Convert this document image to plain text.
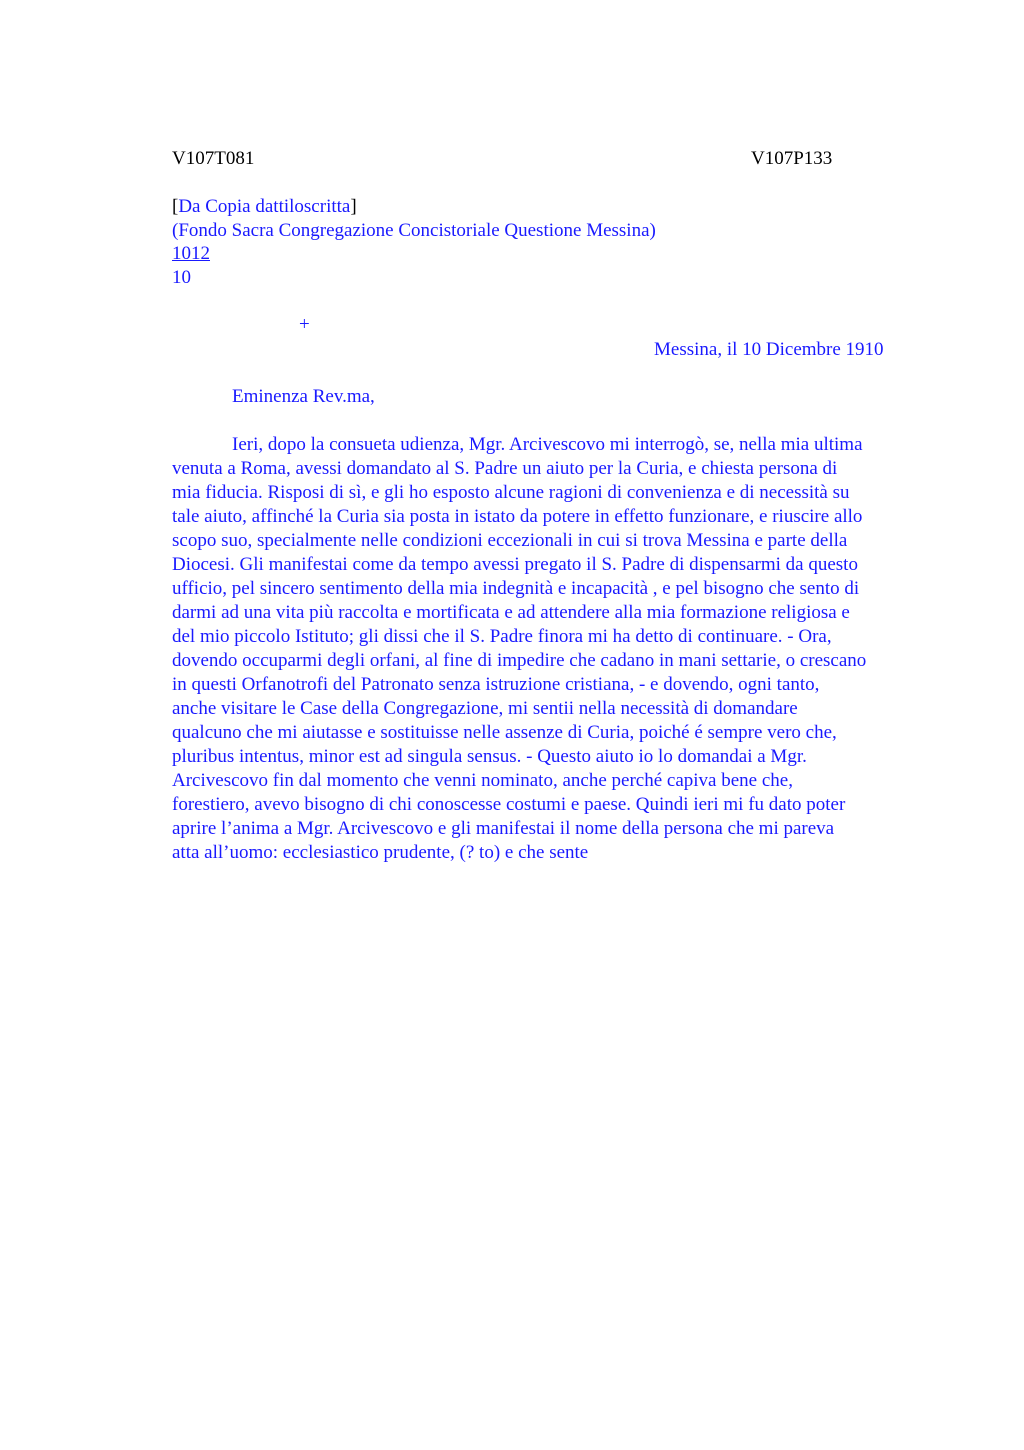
V107T081	V107P133
[Da Copia dattiloscritta]
(Fondo Sacra Congregazione Concistoriale Questione Messina)
1012
10
+
Messina, il 10 Dicembre 1910
Eminenza Rev.ma,
Ieri, dopo la consueta udienza, Mgr. Arcivescovo mi interrogò, se, nella mia ultima
venuta a Roma, avessi domandato al S. Padre un aiuto per la Curia, e chiesta persona di
mia fiducia. Risposi di sì, e gli ho esposto alcune ragioni di convenienza e di necessità su
tale aiuto, affinché la Curia sia posta in istato da potere in effetto funzionare, e riuscire allo
scopo suo, specialmente nelle condizioni eccezionali in cui si trova Messina e parte della
Diocesi. Gli manifestai come da tempo avessi pregato il S. Padre di dispensarmi da questo
ufficio, pel sincero sentimento della mia indegnità e incapacità , e pel bisogno che sento di
darmi ad una vita più raccolta e mortificata e ad attendere alla mia formazione religiosa e
del mio piccolo Istituto; gli dissi che il S. Padre finora mi ha detto di continuare. - Ora,
dovendo occuparmi degli orfani, al fine di impedire che cadano in mani settarie, o crescano
in questi Orfanotrofi del Patronato senza istruzione cristiana, - e dovendo, ogni tanto,
anche visitare le Case della Congregazione, mi sentii nella necessità di domandare
qualcuno che mi aiutasse e sostituisse nelle assenze di Curia, poiché é sempre vero che,
pluribus intentus, minor est ad singula sensus. - Questo aiuto io lo domandai a Mgr.
Arcivescovo fin dal momento che venni nominato, anche perché capiva bene che,
forestiero, avevo bisogno di chi conoscesse costumi e paese. Quindi ieri mi fu dato poter
aprire l’anima a Mgr. Arcivescovo e gli manifestai il nome della persona che mi pareva
atta all’uomo: ecclesiastico prudente, (? to) e che sente
